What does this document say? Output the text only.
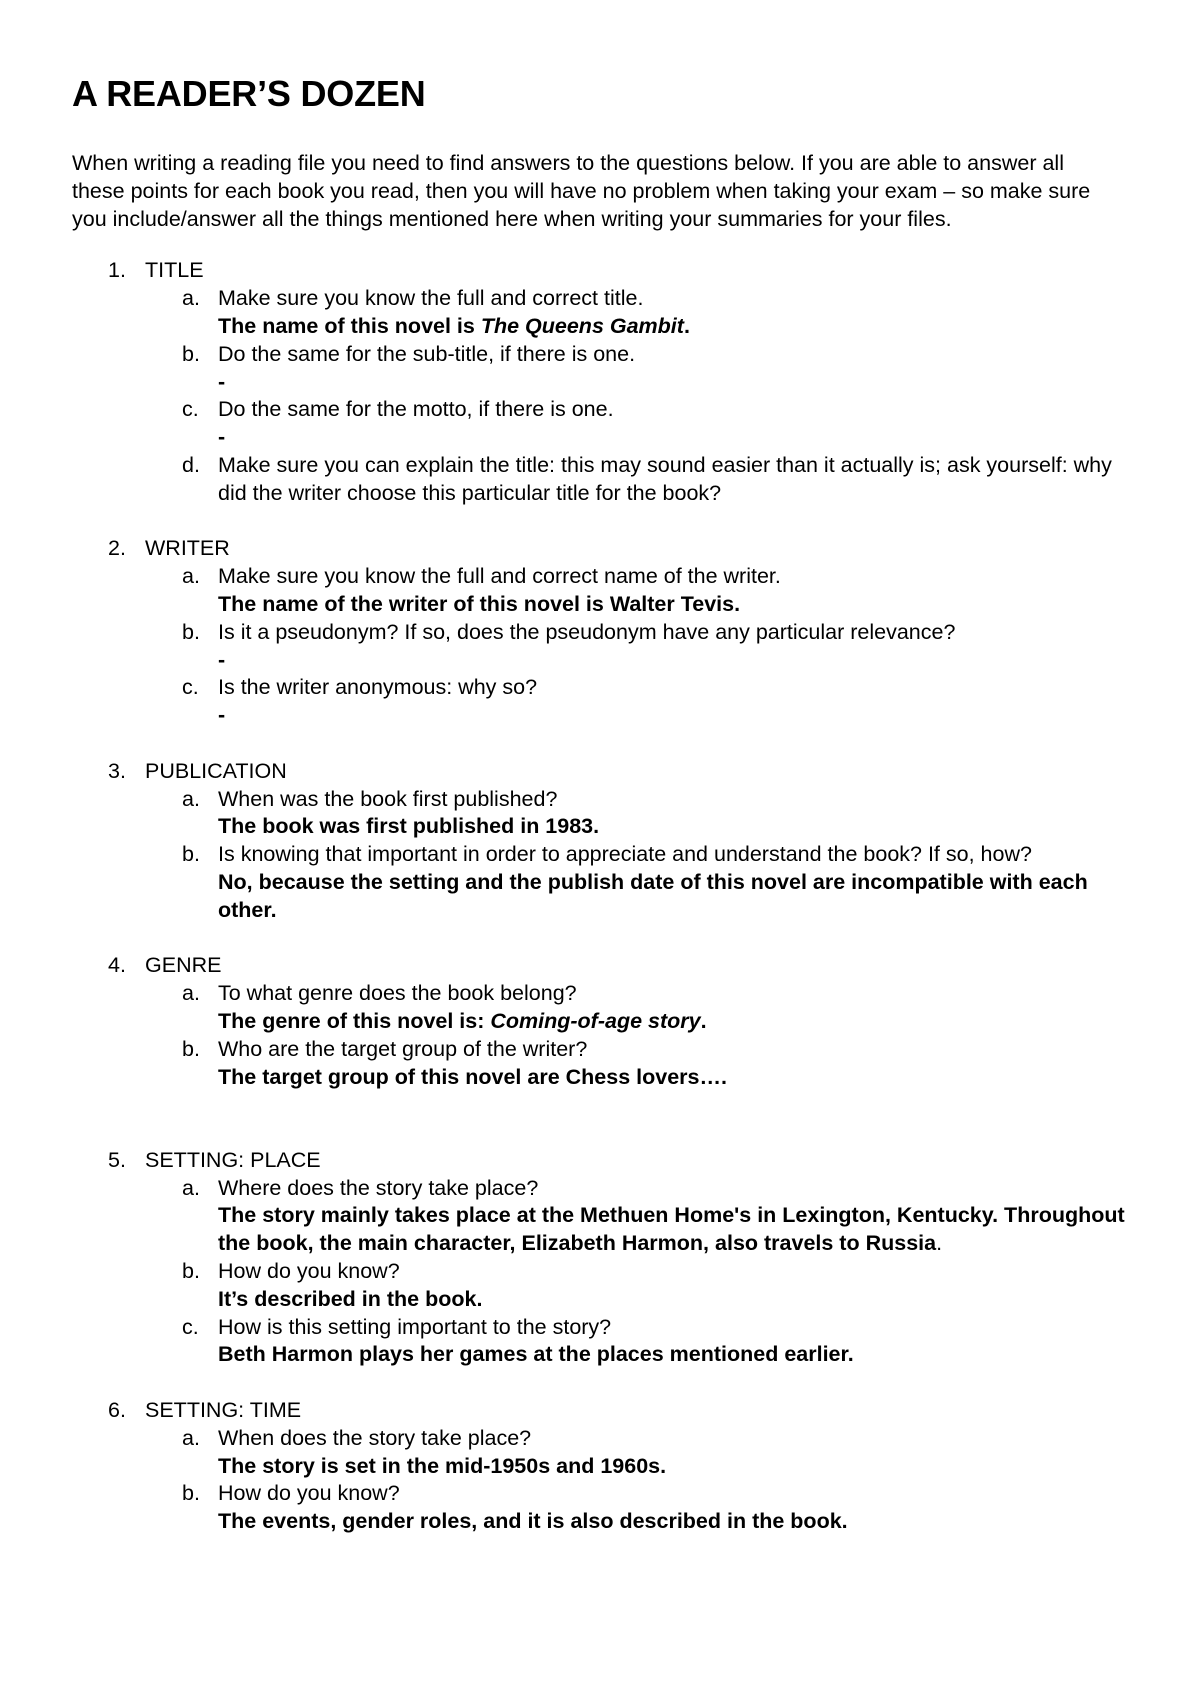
A READER’S DOZEN

When writing a reading file you need to find answers to the questions below. If you are able to answer all these points for each book you read, then you will have no problem when taking your exam – so make sure you include/answer all the things mentioned here when writing your summaries for your files.

1. TITLE
a. Make sure you know the full and correct title.
The name of this novel is The Queens Gambit.
b. Do the same for the sub-title, if there is one.
-
c. Do the same for the motto, if there is one.
-
d. Make sure you can explain the title: this may sound easier than it actually is; ask yourself: why did the writer choose this particular title for the book?
2. WRITER
a. Make sure you know the full and correct name of the writer.
The name of the writer of this novel is Walter Tevis.
b. Is it a pseudonym? If so, does the pseudonym have any particular relevance?
-
c. Is the writer anonymous: why so?
-
3. PUBLICATION
a. When was the book first published?
The book was first published in 1983.
b. Is knowing that important in order to appreciate and understand the book? If so, how?
No, because the setting and the publish date of this novel are incompatible with each other.
4. GENRE
a. To what genre does the book belong?
The genre of this novel is: Coming-of-age story.
b. Who are the target group of the writer?
The target group of this novel are Chess lovers….
5. SETTING: PLACE
a. Where does the story take place?
The story mainly takes place at the Methuen Home's in Lexington, Kentucky. Throughout the book, the main character, Elizabeth Harmon, also travels to Russia.
b. How do you know?
It’s described in the book.
c. How is this setting important to the story?
Beth Harmon plays her games at the places mentioned earlier.
6. SETTING: TIME
a. When does the story take place?
The story is set in the mid-1950s and 1960s.
b. How do you know?
The events, gender roles, and it is also described in the book.
